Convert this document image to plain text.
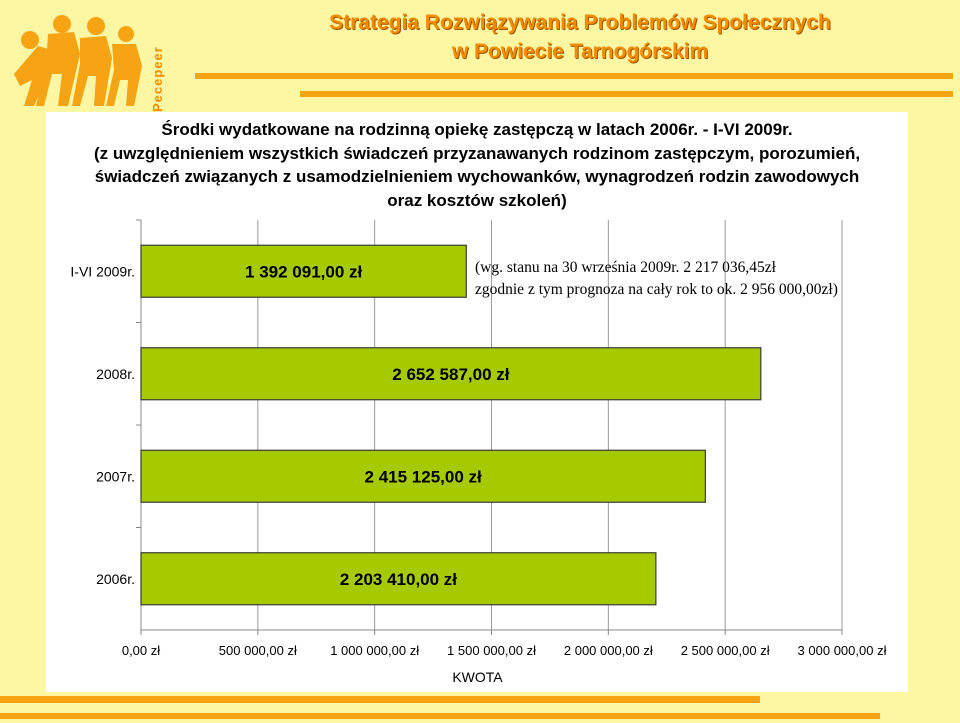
Pecepeer
Strategia Rozwiązywania Problemów Społecznych
w Powiecie Tarnogórskim
Środki wydatkowane na rodzinną opiekę zastępczą w latach 2006r. - I-VI 2009r.
(z uwzględnieniem wszystkich świadczeń przyzanawanych rodzinom zastępczym, porozumień,
świadczeń związanych z usamodzielnieniem wychowanków, wynagrodzeń rodzin zawodowych
oraz kosztów szkoleń)
0,00 zł	500 000,00 zł	1 000 000,00 zł 1 500 000,00 zł 2 000 000,00 zł 2 500 000,00 zł 3 000 000,00 zł
1 392 091,00 zł
I-VI 2009r.
2 652 587,00 zł
2008r.
2 415 125,00 zł
2007r.
2 203 410,00 zł
2006r.
KWOTA
(wg. stanu na 30 września 2009r. 2 217 036,45zł
zgodnie z tym prognoza na cały rok to ok. 2 956 000,00zł)
